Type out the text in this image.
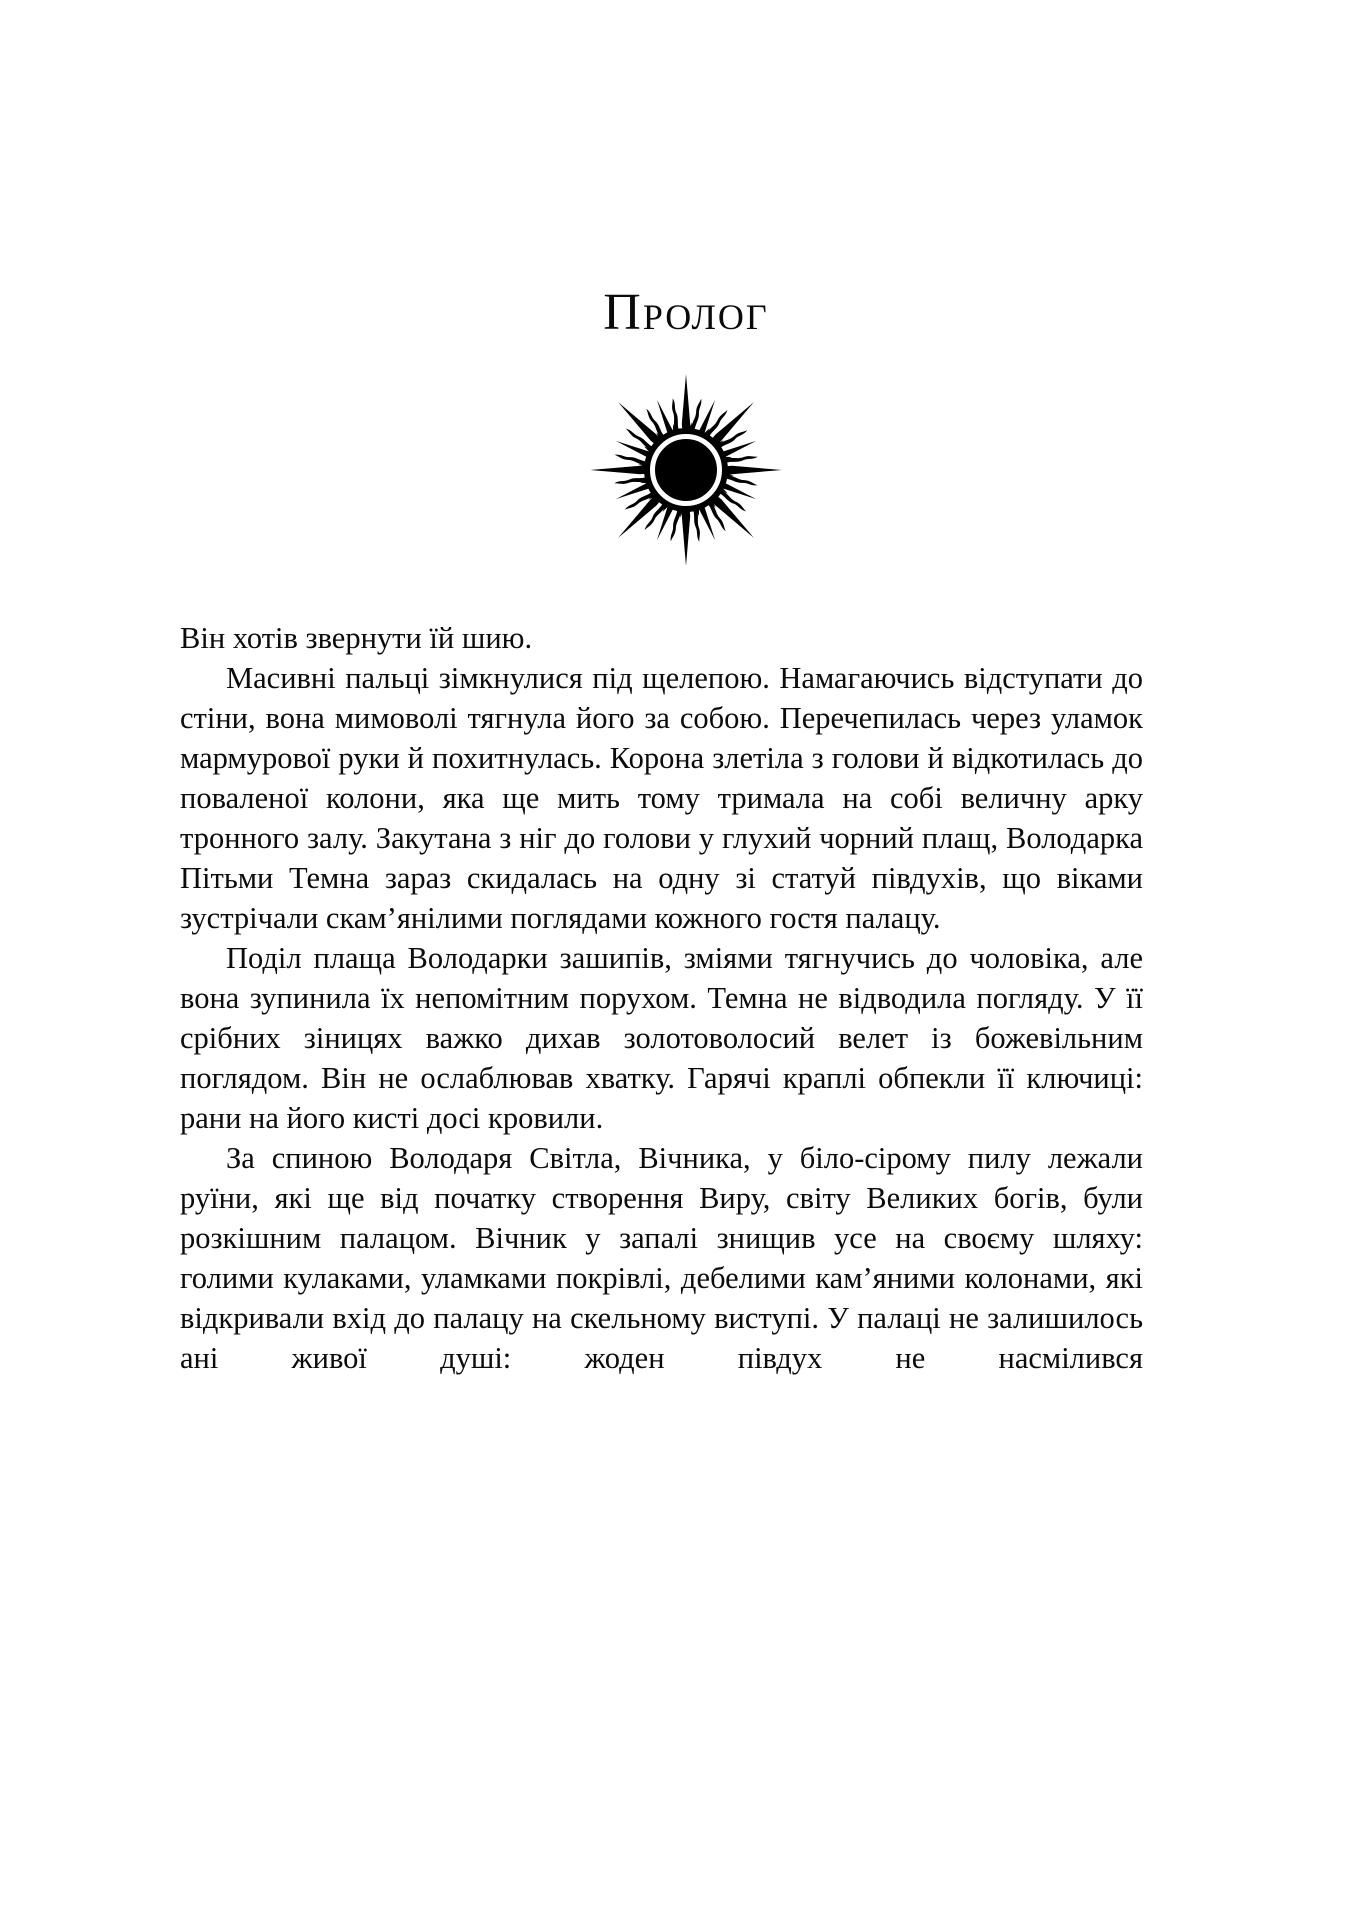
Пролог

Він хотів звернути їй шию.

Масивні пальці зімкнулися під щелепою. Намагаючись відступати до стіни, вона мимоволі тягнула його за собою. Перечепилась через уламок мармурової руки й похитнулась. Корона злетіла з голови й відкотилась до поваленої колони, яка ще мить тому тримала на собі величну арку тронного залу. Закутана з ніг до голови у глухий чорний плащ, Володарка Пітьми Темна зараз скидалась на одну зі статуй півдухів, що віками зустрічали скам’янілими поглядами кожного гостя палацу.

Поділ плаща Володарки зашипів, зміями тягнучись до чоловіка, але вона зупинила їх непомітним порухом. Темна не відводила погляду. У її срібних зіницях важко дихав золотоволосий велет із божевільним поглядом. Він не ослаблював хватку. Гарячі краплі обпекли її ключиці: рани на його кисті досі кровили.

За спиною Володаря Світла, Вічника, у біло-сірому пилу лежали руїни, які ще від початку створення Виру, світу Великих богів, були розкішним палацом. Вічник у запалі знищив усе на своєму шляху: голими кулаками, уламками покрівлі, дебелими кам’яними колонами, які відкривали вхід до палацу на скельному виступі. У палаці не залишилось ані живої душі: жоден півдух не насмілився
